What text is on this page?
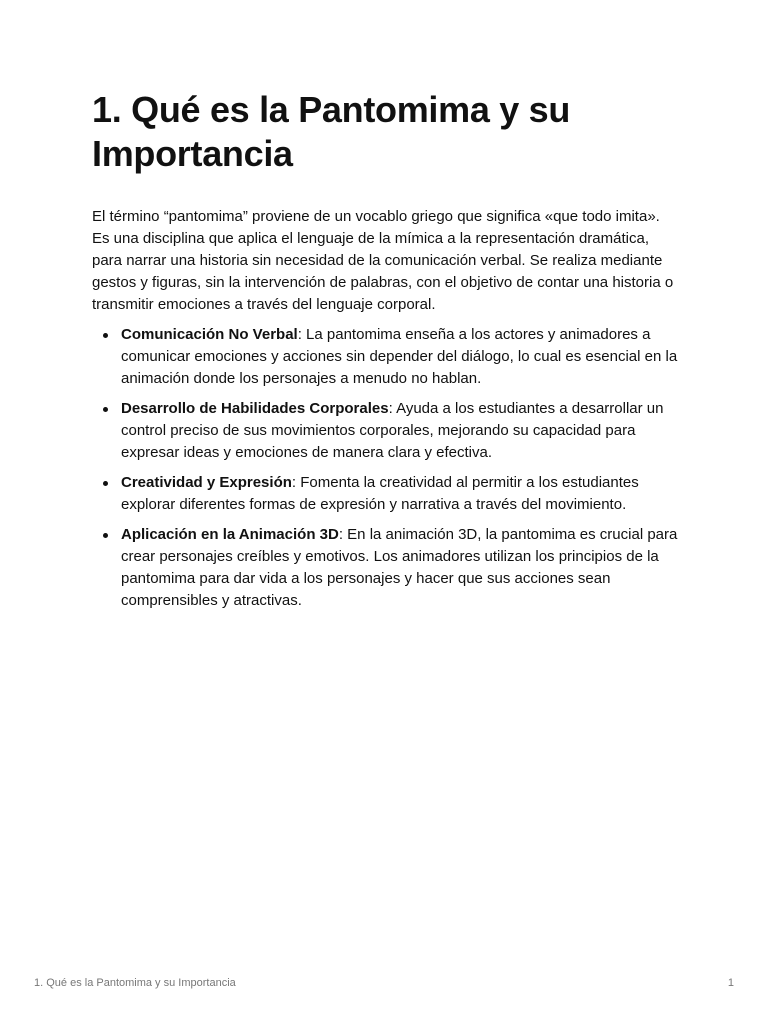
1. Qué es la Pantomima y su Importancia

El término “pantomima” proviene de un vocablo griego que significa «que todo imita».

Es una disciplina que aplica el lenguaje de la mímica a la representación dramática, para narrar una historia sin necesidad de la comunicación verbal. Se realiza mediante gestos y figuras, sin la intervención de palabras, con el objetivo de contar una historia o transmitir emociones a través del lenguaje corporal.

Comunicación No Verbal: La pantomima enseña a los actores y animadores a comunicar emociones y acciones sin depender del diálogo, lo cual es esencial en la animación donde los personajes a menudo no hablan.
Desarrollo de Habilidades Corporales: Ayuda a los estudiantes a desarrollar un control preciso de sus movimientos corporales, mejorando su capacidad para expresar ideas y emociones de manera clara y efectiva.
Creatividad y Expresión: Fomenta la creatividad al permitir a los estudiantes explorar diferentes formas de expresión y narrativa a través del movimiento.
Aplicación en la Animación 3D: En la animación 3D, la pantomima es crucial para crear personajes creíbles y emotivos. Los animadores utilizan los principios de la pantomima para dar vida a los personajes y hacer que sus acciones sean comprensibles y atractivas.
1. Qué es la Pantomima y su Importancia	1
